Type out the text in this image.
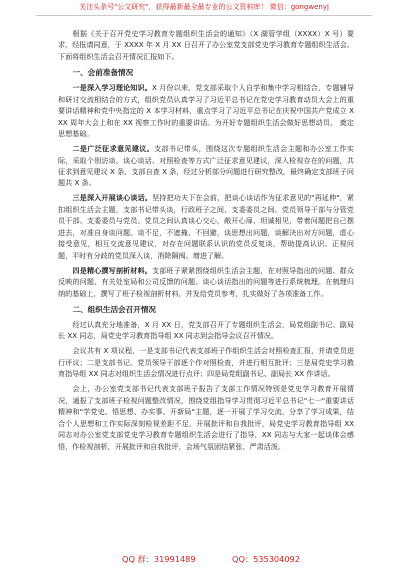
关注头条号"公文研究"，获得最新最全最专业的公文资料库！ 微信：gongwenyj

根据《关于召开党史学习教育专题组织生活会的通知》（X 湖管学组（XXXX）X 号）要求，经报请同意，于 XXXX 年 X 月 XX 日召开了办公室党支部党史学习教育专题组织生活会。下面将组织生活会召开情况汇报如下。

一、会前准备情况

一是深入学习理论知识。X 月份以来，党支部采取个人自学和集中学习相结合，专题辅导和研讨交流相结合的方式，组织党员认真学习了习近平总书记在党史学习教育动员大会上的重要讲话精神和党中央指定的 X 本学习材料，重点学习了习近平总书记在庆祝中国共产党成立 XXX 周年大会上和在 XX 视察工作时的重要讲话。为开好专题组织生活会做好思想动员、 奠定思想基础。

二是广泛征求意见建议。支部书记带头，围绕这次专题组织生活会主题和办公室工作实际，采取个别访谈、谈心谈话、对照检查等方式广泛征求意见建议，深入检视存在的问题，共征求到意见建议 X 条，支部自查 X 条，经过分析部分问题进行研究整改，最终确定支部班子问题共 X 条。

三是深入开展谈心谈话。坚持把功夫下在会前，把谈心谈话作为征求意见的"再延伸"，紧扣组织生活会主题，支部书记带头谈，行政班子之间、支委委员之间、党员领导干部与分管党员干部、支委委员与党员、党员之间认真谈心交心，敞开心扉、坦诚相见，带着问题把自己摆进去，对准自身谈问题、谈不足，不遮掩、不回避，谈思想出问题，谈解决出对方问题，虚心接受意见，相互交流意见建议，对存在问题联系认识的党员反复谈，帮助提高认识、正视问题，平时有分歧的党员深入谈，消除隔阂、增进了解。

四是精心撰写剖析材料。支部班子紧紧围绕组织生活会主题，在对照导指出的问题、群众反映的问题、有关处室局和公司反馈的问题、谈心谈话指出的问题等进行系统梳理。在梳理归纳的基础上，撰写了班子检视剖析材料，并发给党员参考，扎实做好了各项准备工作。

二、组织生活会召开情况

经过认真充分地准备，X 月 XX 日，党支部召开了专题组织生活会，局党组副书记、副局长 XX 同志，局党史学习教育指导组 XX 同志到会指导会议召开情况。

会议共有 X 项议程，一是支部书记代表支部班子作组织生活会对照检查汇报，并请党员进行评议；二是支部书记、党员领导干部逐个作对照检查，并进行相互批评；三是局党史学习教育指导组 XX 同志对组织生活会情况进行点评；四是局党组副书记、副局长 XX 作讲话。

会上，办公室党支部书记代表支部班子报告了支部工作情况特别是党史学习教育开展情况，通报了支部班子检视问题整改情况，围绕党组指导学习贯彻习近平总书记"七一"重要讲话精神和"学党史、悟思想、办实事、开新局"主题，逐一开展了学习交流、分享了学习成果，结合个人思想和工作实际深刻检视差距不足，开展批评和自我批评，局党史学习教育指导组 XX 同志对办公室党支部党史学习教育专题组织生活会进行了指导，XX 同志与大家一起谈体会感悟，作检视剖析，开展批评和自我批评，会场气氛团结紧张、严肃活泼。

QQ 群：31991489	QQ：535304092
